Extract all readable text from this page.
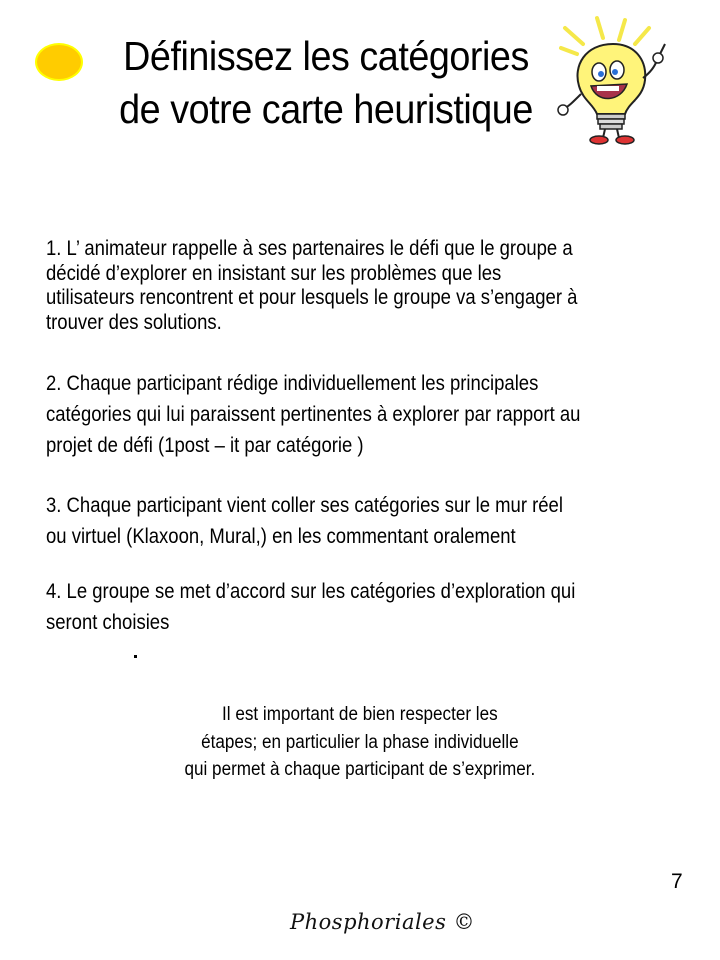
Définissez les catégories
de votre carte heuristique
1. L’ animateur rappelle à ses partenaires le défi que le groupe a
décidé d’explorer en insistant sur les problèmes que les
utilisateurs rencontrent et pour lesquels le groupe va s’engager à
trouver des solutions.
2. Chaque participant rédige individuellement les principales
catégories qui lui paraissent pertinentes à explorer par rapport au
projet de défi (1post – it par catégorie )
3. Chaque participant vient coller ses catégories sur le mur réel
ou virtuel (Klaxoon, Mural,) en les commentant oralement
4. Le groupe se met d’accord sur les catégories d’exploration qui
seront choisies
Il est important de bien respecter les
étapes; en particulier la phase individuelle
qui permet à chaque participant de s’exprimer.
7
Phosphoriales ©
